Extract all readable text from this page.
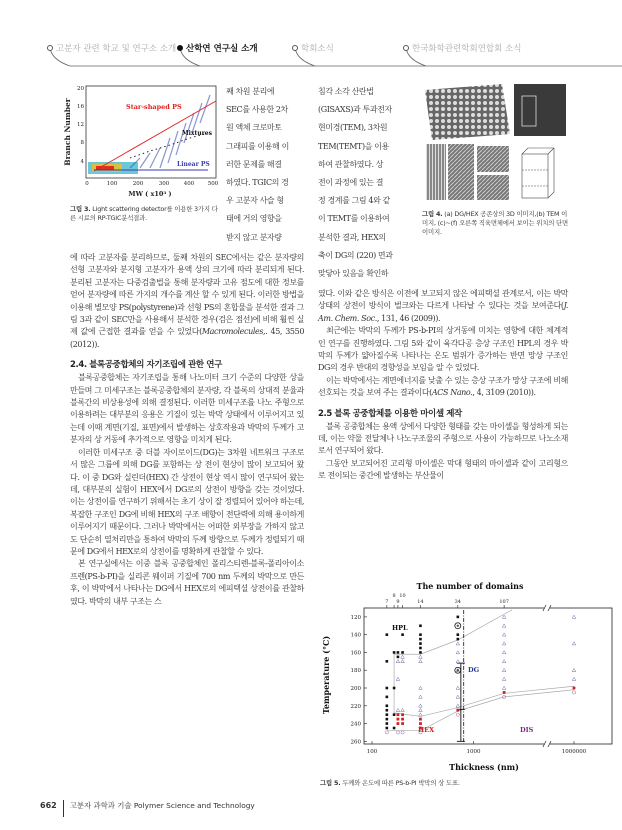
고분자 관련 학교 및 연구소 소개 산학연 연구실 소개	학회소식	한국화학관련학회연합회 소식
Star-shaped PS
Mixtures
Linear PS
4
8
12
16
20
0	100	200	300	400 500
MW ( x10³ )
Branch Number
그림 3. Light scattering detector를 이용한 3가지 다른 시료의 RP-TGIC분석결과.
째 차원 분리에
SEC를 사용한 2차
원 액체 크로마토
그래피를 이용해 이
러한 문제를 해결
하였다. TGIC의 경
우 고분자 사슬 형
태에 거의 영향을
받지 않고 분자량

에 따라 고분자를 분리하므로, 둘째 차원의 SEC에서는 같은 분자량의 선형 고분자와 분지형 고분자가 용액 상의 크기에 따라 분리되게 된다. 분리된 고분자는 다중검출법을 통해 분자량과 고유 점도에 대한 정보를 얻어 분자량에 따른 가지의 개수를 계산 할 수 있게 된다. 이러한 방법을 이용해 별모양 PS(polystyrene)과 선형 PS의 혼합물을 분석한 결과 그림 3과 같이 SEC만을 사용해서 분석한 경우(검은 점선)에 비해 훨씬 실제 값에 근접한 결과를 얻을 수 있었다(Macromolecules,. 45, 3550 (2012)).

2.4. 블록공중합체의 자기조립에 관한 연구

블록공중합체는 자기조립을 통해 나노미터 크기 수준의 다양한 상을 만들며 그 미세구조는 블록공중합체의 분자량, 각 블록의 상대적 분율과 블록간의 비상용성에 의해 결정된다. 이러한 미세구조를 나노 주형으로 이용하려는 대부분의 응용은 기질이 있는 박막 상태에서 이루어지고 있는데 이때 계면(기질, 표면)에서 발생하는 상호작용과 박막의 두께가 고분자의 상 거동에 추가적으로 영향을 미치게 된다.

이러한 미세구조 중 더블 자이로이드(DG)는 3차원 네트워크 구조로서 많은 그룹에 의해 DG를 포함하는 상 전이 현상이 많이 보고되어 왔다. 이 중 DG와 실린더(HEX) 간 상전이 현상 역시 많이 연구되어 왔는데, 대부분의 실험이 HEX에서 DG로의 상전이 방향을 갖는 것이었다. 이는 상전이를 연구하기 위해서는 초기 상이 잘 정렬되어 있어야 하는데, 복잡한 구조인 DG에 비해 HEX의 구조 배향이 전단력에 의해 용이하게 이루어지기 때문이다. 그러나 박막에서는 어떠한 외부장을 가하지 않고도 단순히 열처리만을 통하여 박막의 두께 방향으로 두께가 정렬되기 때문에 DG에서 HEX로의 상전이를 명확하게 관찰할 수 있다.

본 연구실에서는 이중 블록 공중합체인 폴리스티렌-블록-폴리아이소프렌(PS-b-PI)을 실리콘 웨이퍼 기질에 700 nm 두께의 박막으로 만든 후, 이 박막에서 나타나는 DG에서 HEX로의 에피택셜 상전이를 관찰하였다. 박막의 내부 구조는 스

침각 소각 산란법
(GISAXS)과 투과전자
현미경(TEM), 3차원
TEM(TEMT)을 이용
하여 관찰하였다. 상
전이 과정에 있는 결
정 경계를 그림 4와 같
이 TEMT를 이용하여
분석한 결과, HEX의
축이 DG의 (220) 면과
맞닿아 있음을 확인하
그림 4. (a) DG/HEX 공존상의 3D 이미지,(b) TEM 이미지, (c)~(f) 오른쪽 직육면체에서 보이는 위치의 단면 이미지.

였다. 이와 같은 방식은 이전에 보고되지 않은 에피택셜 관계로서, 이는 박막 상태의 상전이 방식이 벌크와는 다르게 나타날 수 있다는 것을 보여준다(J. Am. Chem. Soc., 131, 46 (2009)).

최근에는 박막의 두께가 PS-b-PI의 상거동에 미치는 영향에 대한 체계적인 연구를 진행하였다. 그림 5와 같이 육각다공 층상 구조인 HPL의 경우 박막의 두께가 얇아질수록 나타나는 온도 범위가 증가하는 반면 망상 구조인 DG의 경우 반대의 경향성을 보임을 알 수 있었다.

이는 박막에서는 계면에너지를 낮출 수 있는 층상 구조가 망상 구조에 비해 선호되는 것을 보여 주는 결과이다(ACS Nano., 4, 3109 (2010)).

2.5 블록 공중합체를 이용한 마이셀 제작

블록 공중합체는 용액 상에서 다양한 형태를 갖는 마이셀을 형성하게 되는데, 이는 약물 전달체나 나노구조물의 주형으로 사용이 가능하므로 나노소재로서 연구되어 왔다.

그동안 보고되어진 고리형 마이셀은 막대 형태의 마이셀과 같이 고리형으로 전이되는 중간에 발생하는 부산물이

The number of domains
120
140
160
180
200
220
240
260
100	1000	1000000
7
8
9
10
14	34	107
HPL
DG
HEX	DIS
Thickness (nm)
Temperature (°C)
그림 5. 두께와 온도에 따른 PS-b-PI 박막의 상 도표.
662 고분자 과학과 기술 Polymer Science and Technology
